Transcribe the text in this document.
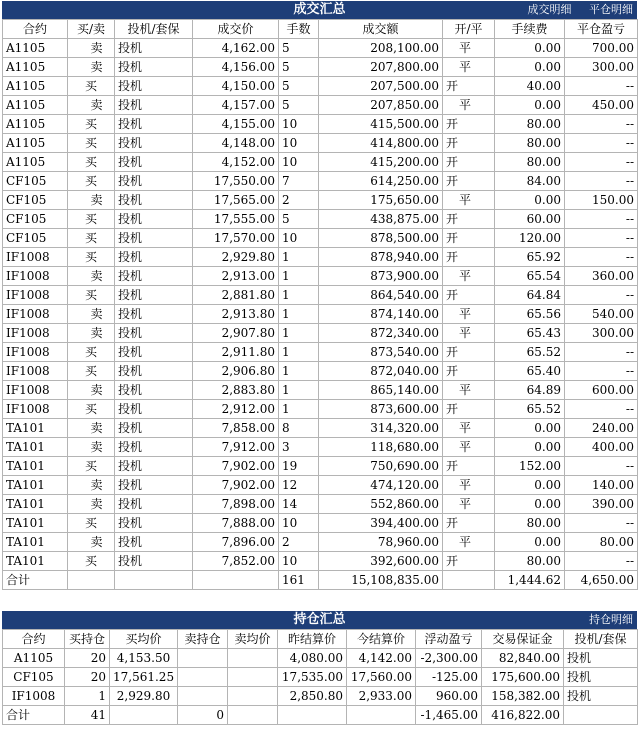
成交汇总	成交明细 平仓明细
合约	买/卖	投机/套保	成交价	手数	成交额	开/平	手续费	平仓盈亏
A1105	卖	投机	4,162.00	5	208,100.00	平	0.00	700.00
A1105	卖	投机	4,156.00	5	207,800.00	平	0.00	300.00
A1105	买	投机	4,150.00	5	207,500.00	开	40.00	--
A1105	卖	投机	4,157.00	5	207,850.00	平	0.00	450.00
A1105	买	投机	4,155.00	10	415,500.00	开	80.00	--
A1105	买	投机	4,148.00	10	414,800.00	开	80.00	--
A1105	买	投机	4,152.00	10	415,200.00	开	80.00	--
CF105	买	投机	17,550.00	7	614,250.00	开	84.00	--
CF105	卖	投机	17,565.00	2	175,650.00	平	0.00	150.00
CF105	买	投机	17,555.00	5	438,875.00	开	60.00	--
CF105	买	投机	17,570.00	10	878,500.00	开	120.00	--
IF1008	买	投机	2,929.80	1	878,940.00	开	65.92	--
IF1008	卖	投机	2,913.00	1	873,900.00	平	65.54	360.00
IF1008	买	投机	2,881.80	1	864,540.00	开	64.84	--
IF1008	卖	投机	2,913.80	1	874,140.00	平	65.56	540.00
IF1008	卖	投机	2,907.80	1	872,340.00	平	65.43	300.00
IF1008	买	投机	2,911.80	1	873,540.00	开	65.52	--
IF1008	买	投机	2,906.80	1	872,040.00	开	65.40	--
IF1008	卖	投机	2,883.80	1	865,140.00	平	64.89	600.00
IF1008	买	投机	2,912.00	1	873,600.00	开	65.52	--
TA101	卖	投机	7,858.00	8	314,320.00	平	0.00	240.00
TA101	卖	投机	7,912.00	3	118,680.00	平	0.00	400.00
TA101	买	投机	7,902.00	19	750,690.00	开	152.00	--
TA101	卖	投机	7,902.00	12	474,120.00	平	0.00	140.00
TA101	卖	投机	7,898.00	14	552,860.00	平	0.00	390.00
TA101	买	投机	7,888.00	10	394,400.00	开	80.00	--
TA101	卖	投机	7,896.00	2	78,960.00	平	0.00	80.00
TA101	买	投机	7,852.00	10	392,600.00	开	80.00	--
合计				161	15,108,835.00		1,444.62	4,650.00
持仓汇总	持仓明细
合约	买持仓	买均价	卖持仓	卖均价	昨结算价	今结算价	浮动盈亏	交易保证金	投机/套保
A1105	20	4,153.50			4,080.00	4,142.00	-2,300.00	82,840.00	投机
CF105	20	17,561.25			17,535.00	17,560.00	-125.00	175,600.00	投机
IF1008	1	2,929.80			2,850.80	2,933.00	960.00	158,382.00	投机
合计	41		0				-1,465.00	416,822.00	
